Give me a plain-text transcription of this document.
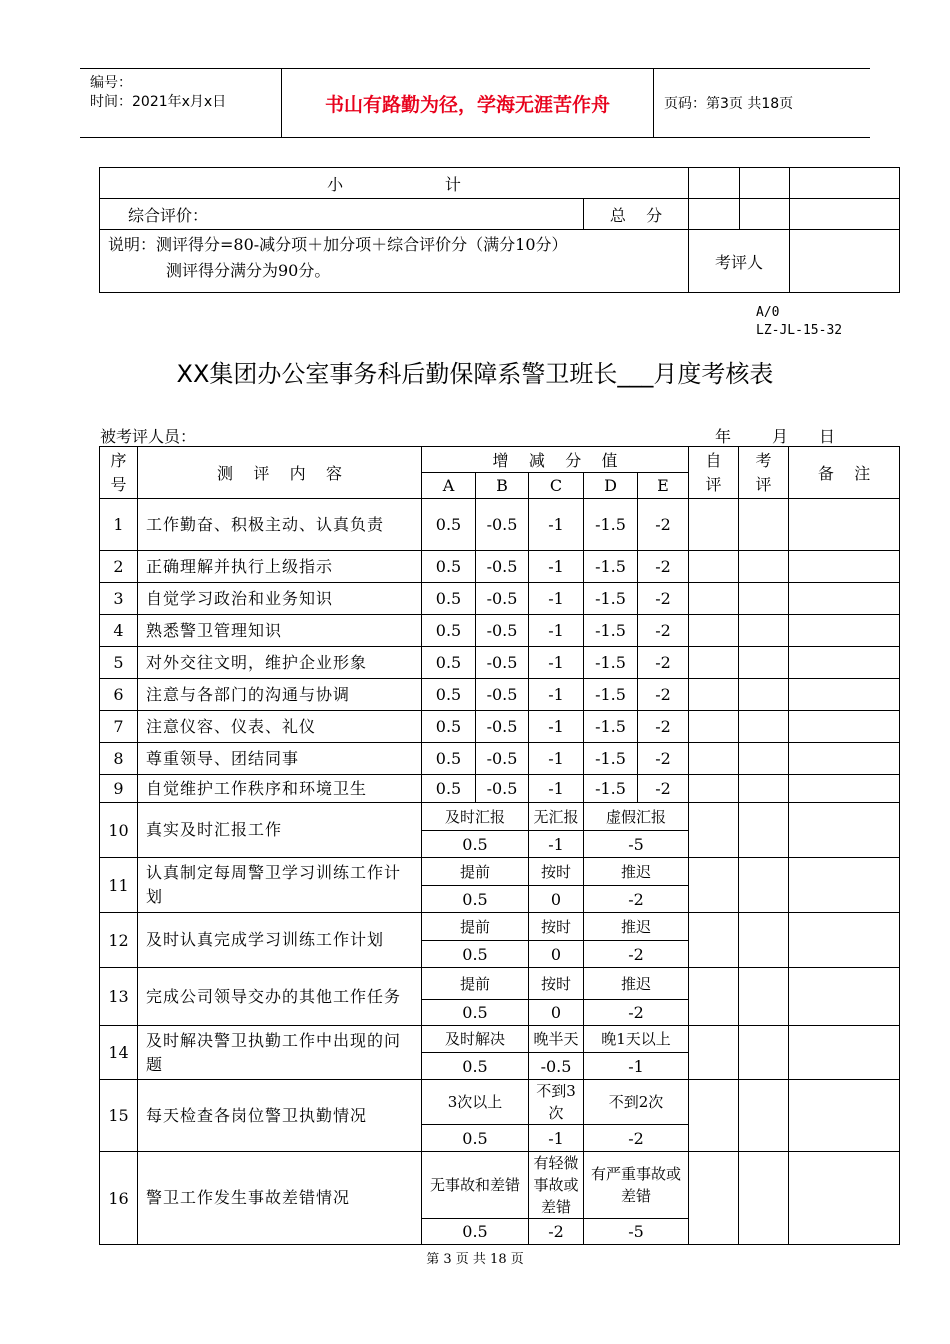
编号：
时间：2021年x月x日	书山有路勤为径，学海无涯苦作舟	页码：第3页 共18页
小                    计				
综合评价：	总    分			

说明：测评得分=80-减分项＋加分项＋综合评价分（满分10分）
测评得分满分为90分。		考评人		
A/0
LZ-JL-15-32
XX集团办公室事务科后勤保障系警卫班长___月度考核表
被考评人员：	年	月 日
序号	测    评    内    容	增    减    分    值					自评	考评	备    注
		A	B	C	D	E			
1	工作勤奋、积极主动、认真负责	0.5	-0.5	-1	-1.5	-2			
2	正确理解并执行上级指示	0.5	-0.5	-1	-1.5	-2			
3	自觉学习政治和业务知识	0.5	-0.5	-1	-1.5	-2			
4	熟悉警卫管理知识	0.5	-0.5	-1	-1.5	-2			
5	对外交往文明，维护企业形象	0.5	-0.5	-1	-1.5	-2			
6	注意与各部门的沟通与协调	0.5	-0.5	-1	-1.5	-2			
7	注意仪容、仪表、礼仪	0.5	-0.5	-1	-1.5	-2			
8	尊重领导、团结同事	0.5	-0.5	-1	-1.5	-2			
9	自觉维护工作秩序和环境卫生	0.5	-0.5	-1	-1.5	-2			
10	真实及时汇报工作	及时汇报		无汇报	虚假汇报				
		0.5		-1	-5				
11	认真制定每周警卫学习训练工作计划	提前		按时	推迟				
		0.5		0	-2				
12	及时认真完成学习训练工作计划	提前		按时	推迟				
		0.5		0	-2				
13	完成公司领导交办的其他工作任务	提前		按时	推迟				
		0.5		0	-2				
14	及时解决警卫执勤工作中出现的问题	及时解决		晚半天	晚1天以上				
		0.5		-0.5	-1				
15	每天检查各岗位警卫执勤情况	3次以上		不到3次	不到2次				
		0.5		-1	-2				
16	警卫工作发生事故差错情况	无事故和差错		有轻微事故或差错	有严重事故或差错				
		0.5		-2	-5				
第 3 页 共 18 页
